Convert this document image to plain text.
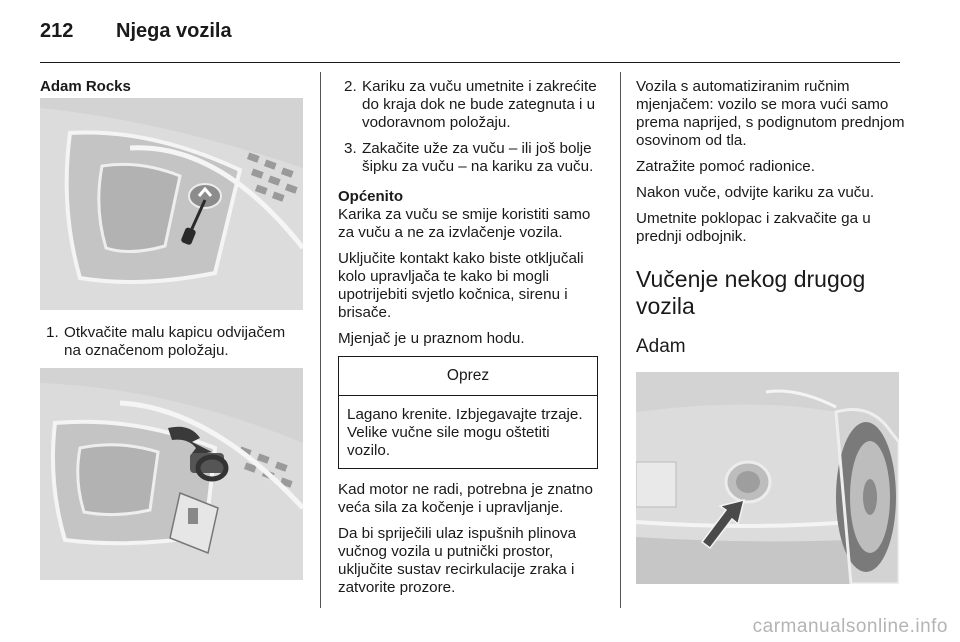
212 Njega vozila
Adam Rocks
1. Otkvačite malu kapicu odvijačem na označenom položaju.
2. Kariku za vuču umetnite i zakrećite do kraja dok ne bude zategnuta i u vodoravnom položaju.
3. Zakačite uže za vuču – ili još bolje šipku za vuču – na kariku za vuču.
Općenito

Karika za vuču se smije koristiti samo za vuču a ne za izvlačenje vozila.

Uključite kontakt kako biste otključali kolo upravljača te kako bi mogli upotrijebiti svjetlo kočnica, sirenu i brisače.

Mjenjač je u praznom hodu.

Oprez
Lagano krenite. Izbjegavajte trzaje. Velike vučne sile mogu oštetiti vozilo.

Kad motor ne radi, potrebna je znatno veća sila za kočenje i upravljanje.

Da bi spriječili ulaz ispušnih plinova vučnog vozila u putnički prostor, uključite sustav recirkulacije zraka i zatvorite prozore.

Vozila s automatiziranim ručnim mjenjačem: vozilo se mora vući samo prema naprijed, s podignutom prednjom osovinom od tla.

Zatražite pomoć radionice.

Nakon vuče, odvijte kariku za vuču.

Umetnite poklopac i zakvačite ga u prednji odbojnik.

Vučenje nekog drugog vozila
Adam
carmanualsonline.info
